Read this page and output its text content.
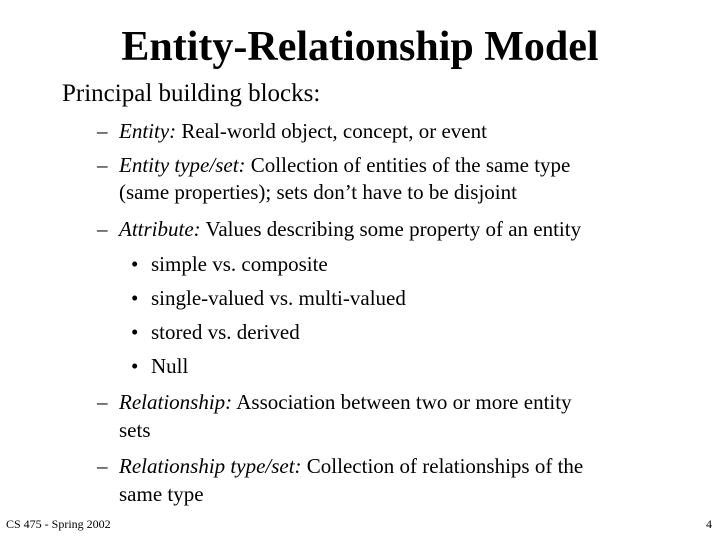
Entity-Relationship Model
Principal building blocks:
– Entity: Real-world object, concept, or event
– Entity type/set: Collection of entities of the same type
(same properties); sets don’t have to be disjoint
– Attribute: Values describing some property of an entity
• simple vs. composite
• single-valued vs. multi-valued
• stored vs. derived
• Null
– Relationship: Association between two or more entity
sets
– Relationship type/set: Collection of relationships of the
same type
CS 475 - Spring 2002	4
